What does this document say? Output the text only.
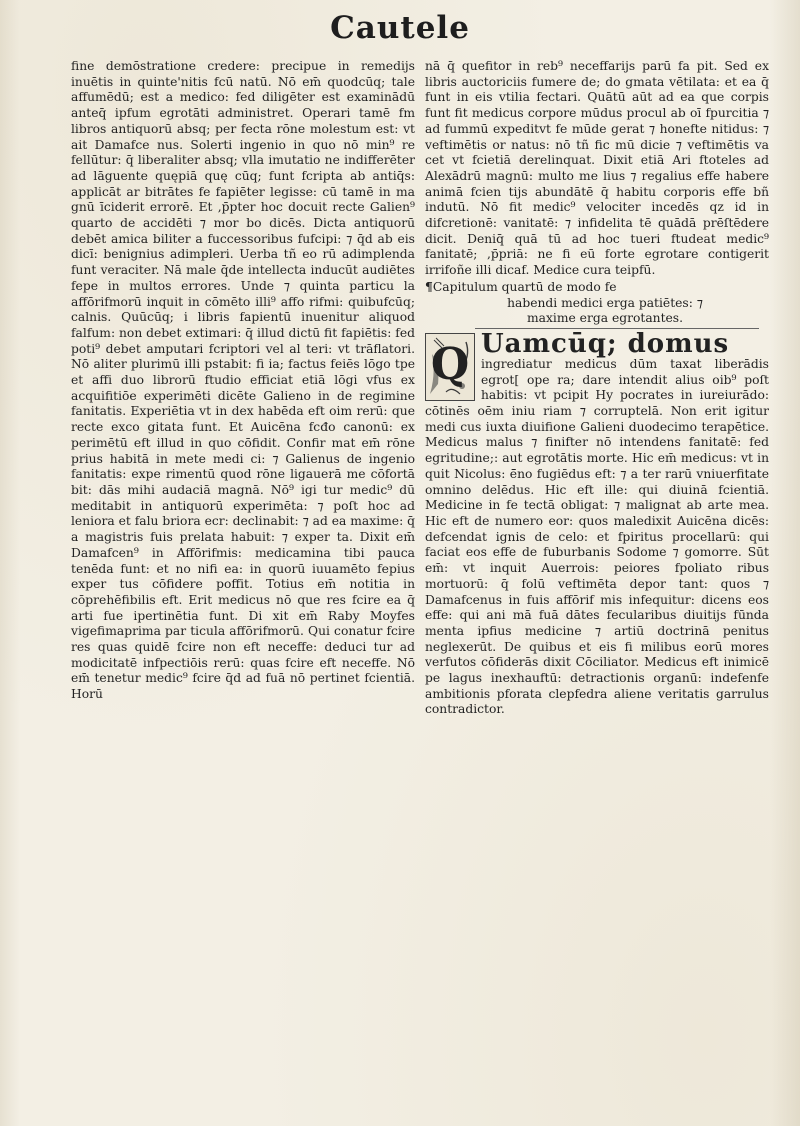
Cautele

fine demōstratione credere: precipue in remedijs inuētis in quinte'nitis fcū natū. Nō em̄ quodcūq; tale affumēdū; est a medico: fed diligēter est examinādū anteq̄ ipfum egrotāti administret. Operari tamē fm libros antiquorū absq; per fecta rōne molestum est: vt ait Damafce nus. Solerti ingenio in quo nō min⁹ re fellūtur: q̄ liberaliter absq; vlla imutatio ne indifferēter ad lāguente quępiā quę cūq; funt fcripta ab antiq̄s: applicāt ar bitrātes fe fapiēter legisse: cū tamē in ma gnū īciderit errorē. Et ,p̄pter hoc docuit recte Galien⁹ quarto de accidēti ⁊ mor bo dicēs. Dicta antiquorū debēt amica biliter a fuccessoribus fufcipi: ⁊ q̄d ab eis dicī: benignius adimpleri. Uerba tñ eo rū adimplenda funt veraciter. Nā male q̄de intellecta inducūt audiētes fepe in multos errores. Unde ⁊ quinta particu la affōrifmorū inquit in cōmēto illi⁹ affo rifmi: quibufcūq; calnis. Quūcūq; i libris fapientū inuenitur aliquod falfum: non debet extimari: q̄ illud dictū fit fapiētis: fed poti⁹ debet amputari fcriptori vel al teri: vt trāflatori. Nō aliter plurimū illi pstabit: fi ia; factus feiēs lōgo tpe et affi duo librorū ftudio efficiat etiā lōgi vfus ex acquifitiōe experimēti dicēte Galieno in de regimine fanitatis. Experiētia vt in dex habēda eft oim rerū: que recte exco gitata funt. Et Auicēna fcđo canonū: ex perimētū eft illud in quo cōfidit. Confir mat em̄ rōne prius habitā in mete medi ci: ⁊ Galienus de ingenio fanitatis: expe rimentū quod rōne ligauerā me cōfortā bit: dās mihi audaciā magnā. Nō⁹ igi tur medic⁹ dū meditabit in antiquorū experimēta: ⁊ poſt hoc ad leniora et falu briora ecr: declinabit: ⁊ ad ea maxime: q̄ a magistris fuis prelata habuit: ⁊ exper ta. Dixit em̄ Damafcen⁹ in Affōrifmis: medicamina tibi pauca tenēda funt: et no nifi ea: in quorū iuuamēto fepius exper tus cōfidere poffit. Totius em̄ notitia in cōprehēfibilis eft. Erit medicus nō que res fcire ea q̄ arti fue ipertinētia funt. Di xit em̄ Raby Moyfes vigefimaprima par ticula affōrifmorū. Qui conatur fcire res quas quidē fcire non eft neceffe: deduci tur ad modicitatē infpectiōis rerū: quas fcire eft neceffe. Nō em̄ tenetur medic⁹ fcire q̄d ad fuā nō pertinet fcientiā. Horū

nā q̄ quefitor in reb⁹ neceffarijs parū fa pit. Sed ex libris auctoriciis fumere de; do gmata vētilata: et ea q̄ funt in eis vtilia fectari. Quātū aūt ad ea que corpis funt fit medicus corpore mūdus procul ab oī fpurcitia ⁊ ad fummū expeditvt fe mūde gerat ⁊ honefte nitidus: ⁊ veftimētis or natus: nō tñ fic mū dicie ⁊ veftimētis va cet vt fcietiā derelinquat. Dixit etiā Ari ftoteles ad Alexādrū magnū: multo me lius ⁊ regalius effe habere animā fcien tijs abundātē q̄ habitu corporis effe bñ indutū. Nō fit medic⁹ velociter incedēs qz id in difcretionē: vanitatē: ⁊ infidelita tē quādā prēſtēdere dicit. Deniq̄ quā tū ad hoc tueri ftudeat medic⁹ fanitatē; ,p̄priā: ne fi eū forte egrotare contigerit irrifoñe illi dicaf. Medice cura teipfū.

¶Capitulum quartū de modo fe
habendi medici erga patiētes: ⁊
maxime erga egrotantes.
Q Uamcūq; domus

ingrediatur medicus dūm taxat liberādis egrot[ ope ra; dare intendit alius oib⁹ poſt habitis: vt pcipit Hy pocrates in iureiurādo: cōtinēs oēm iniu riam ⁊ corruptelā. Non erit igitur medi cus iuxta diuifione Galieni duodecimo terapētice. Medicus malus ⁊ finifter nō intendens fanitatē: fed egritudine;: aut egrotātis morte. Hic em̄ medicus: vt in quit Nicolus: ē̄no fugiēdus eft: ⁊ a ter rarū vniuerfitate omnino delēdus. Hic eft ille: qui diuinā fcientiā. Medicine in fe tectā obligat: ⁊ malignat ab arte mea. Hic eft de numero eor: quos maledixit Auicēna dicēs: defcendat ignis de celo: et fpiritus procellarū: qui faciat eos effe de fuburbanis Sodome ⁊ gomorre. Sūt em̄: vt inquit Auerrois: peiores fpoliato ribus mortuorū: q̄ folū veftimēta depor tant: quos ⁊ Damafcenus in fuis affōrif mis infequitur: dicens eos effe: qui ani mā fuā dātes fecularibus diuitijs fūnda menta ipfius medicine ⁊ artiū doctrinā penitus neglexerūt. De quibus et eis fi milibus eorū mores verfutos cōfiderās dixit Cōciliator. Medicus eft inimicē pe lagus inexhauftū: detractionis organū: indefenfe ambitionis pforata clepfedra aliene veritatis garrulus contradictor.
